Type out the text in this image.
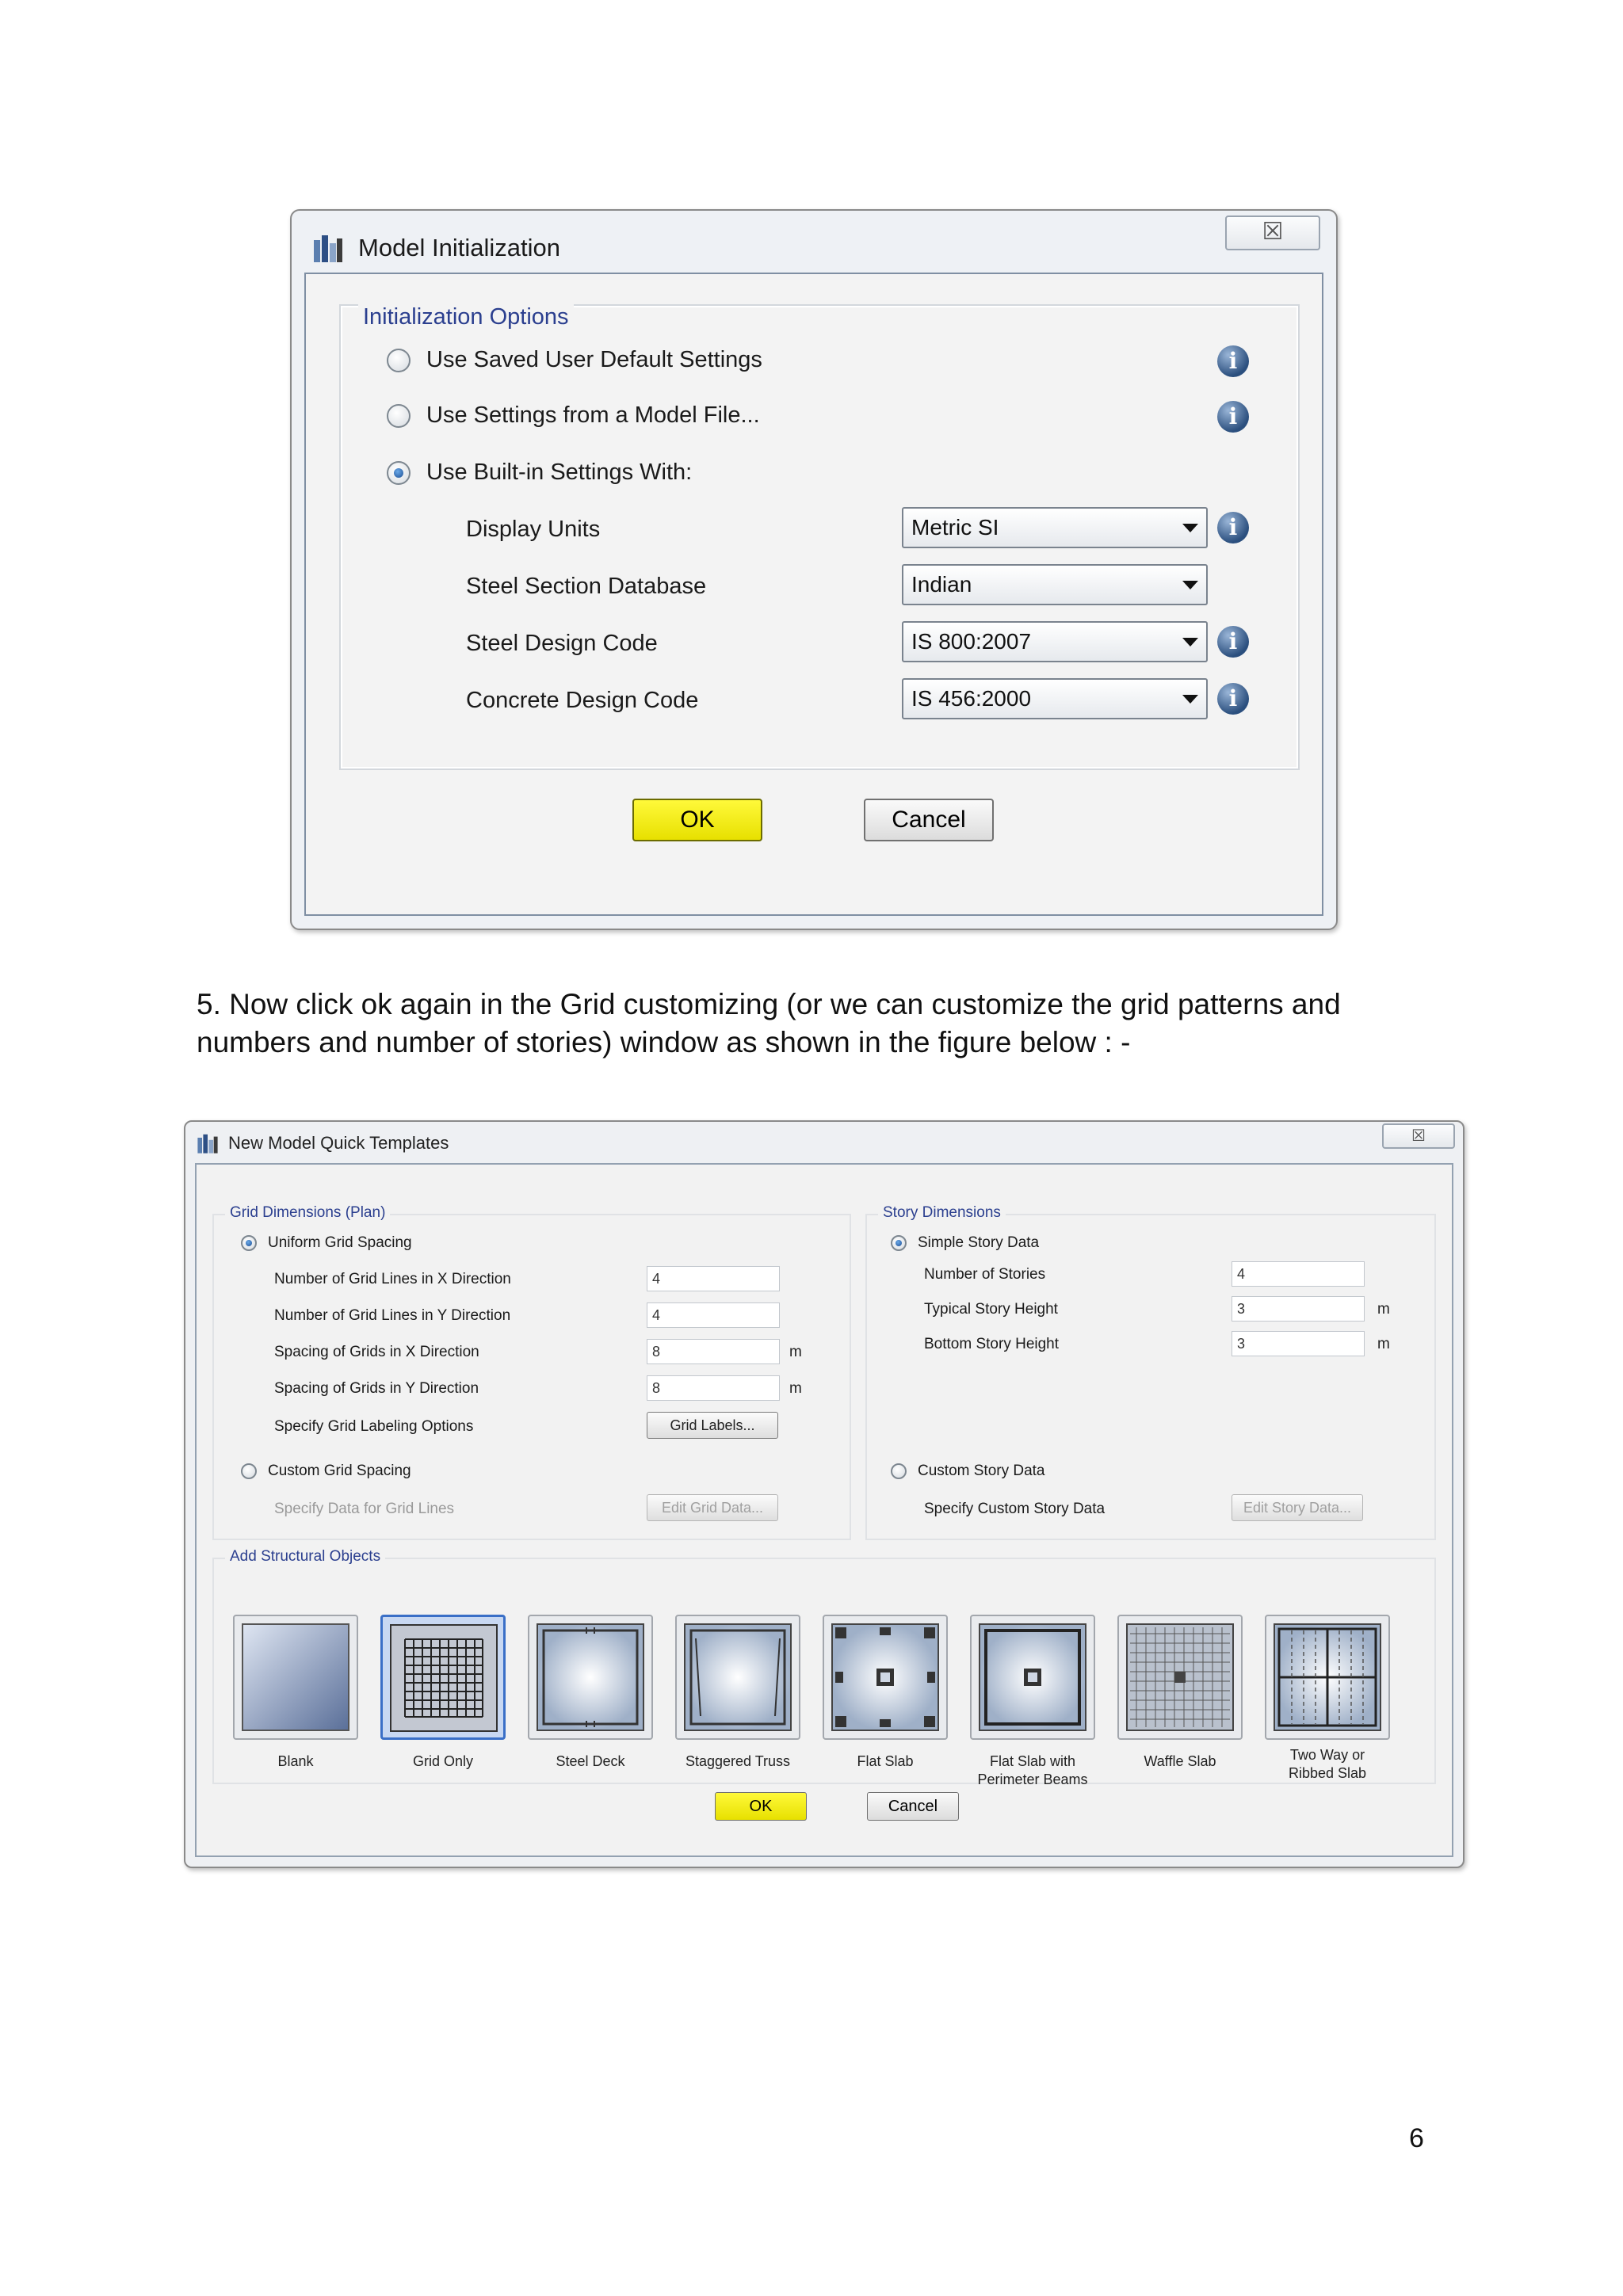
Model Initialization
☒
Initialization Options
Use Saved User Default Settings	i
Use Settings from a Model File...	i
Use Built-in Settings With:
Display Units	Metric SI	i
Steel Section Database	Indian
Steel Design Code	IS 800:2007	i
Concrete Design Code	IS 456:2000	i
OK	Cancel
5. Now click ok again in the Grid customizing (or we can customize the grid patterns and
numbers and number of stories) window as shown in the figure below : -
New Model Quick Templates	☒
Grid Dimensions (Plan)
Uniform Grid Spacing
Number of Grid Lines in X Direction	4
Number of Grid Lines in Y Direction	4
Spacing of Grids in X Direction	8	m
Spacing of Grids in Y Direction	8	m
Specify Grid Labeling Options	Grid Labels...
Custom Grid Spacing
Specify Data for Grid Lines	Edit Grid Data...
Story Dimensions
Simple Story Data
Number of Stories	4
Typical Story Height	3	m
Bottom Story Height	3	m
Custom Story Data
Specify Custom Story Data	Edit Story Data...
Add Structural Objects
Blank	Grid Only	Steel Deck	Staggered Truss	Flat Slab	Flat Slab with
Perimeter Beams
Waffle Slab	Two Way or
Ribbed Slab
OK	Cancel
6
